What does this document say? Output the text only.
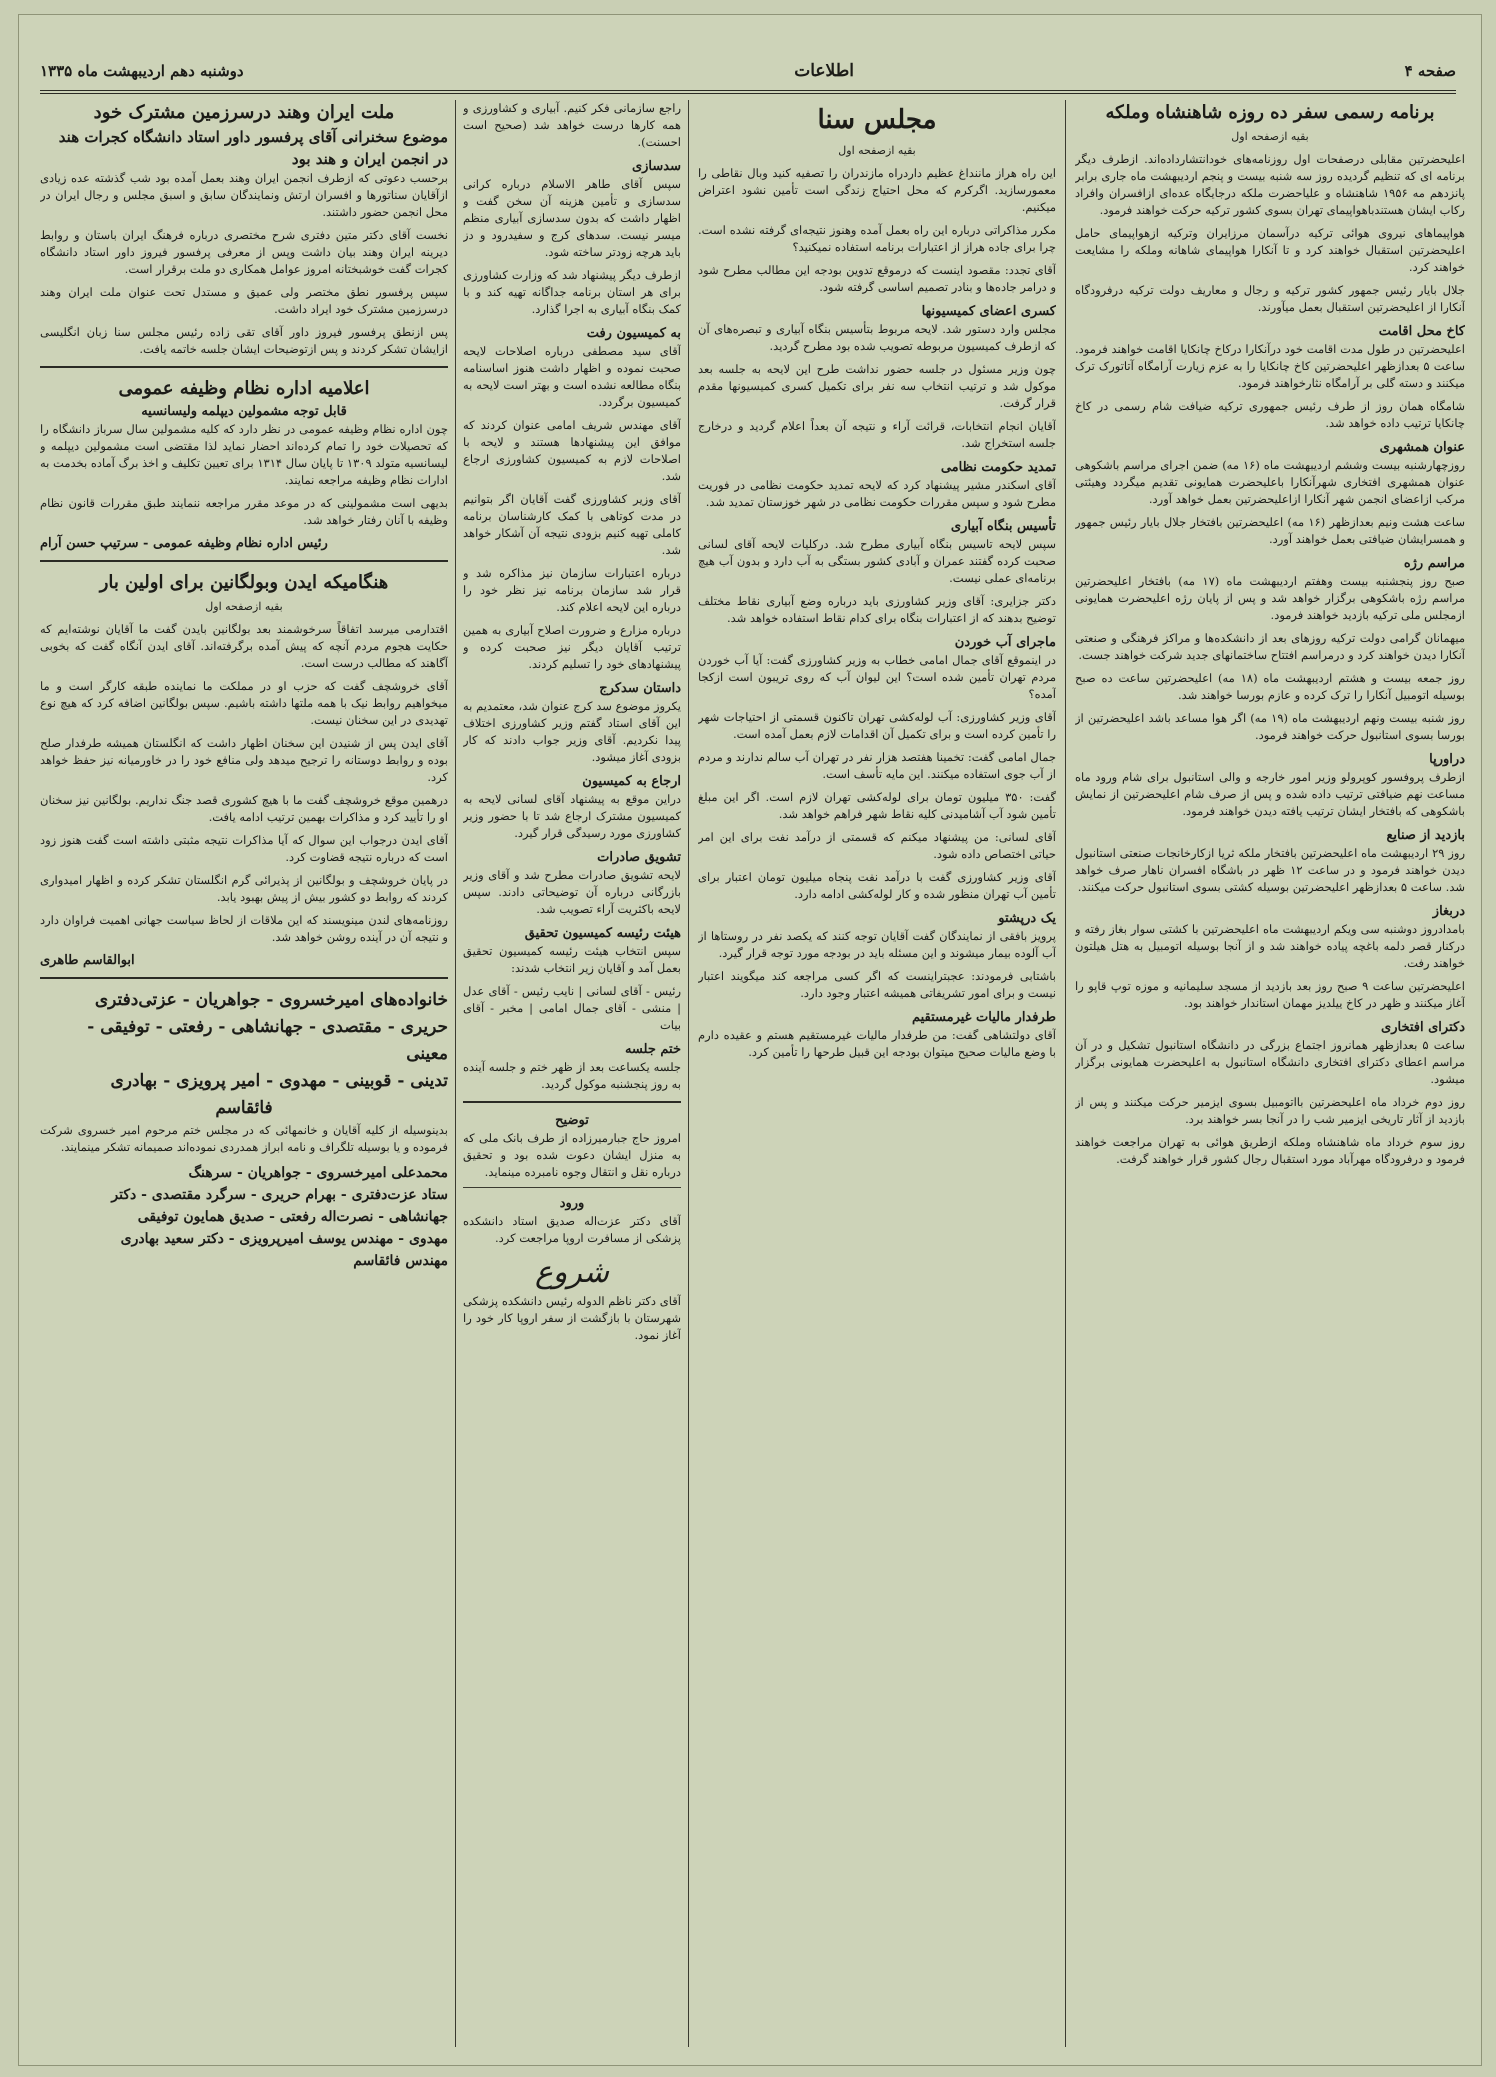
دوشنبه دهم اردیبهشت ماه ۱۳۳۵	اطلاعات	صفحه ۴
برنامه رسمی سفر ده روزه شاهنشاه وملکه
بقیه ازصفحه اول

اعلیحضرتین مقابلی درصفحات اول روزنامه‌های خودانتشارداده‌اند. ازطرف دیگر برنامه ای که تنظیم گردیده روز سه شنبه بیست و پنجم اردیبهشت ماه جاری برابر پانزدهم مه ۱۹۵۶ شاهنشاه و علیاحضرت ملکه درجایگاه عده‌ای ازافسران وافراد رکاب ایشان هستندباهواپیمای تهران بسوی کشور ترکیه حرکت خواهند فرمود.

هواپیماهای نیروی هوائی ترکیه درآسمان مرزایران وترکیه ازهواپیمای حامل اعلیحضرتین استقبال خواهند کرد و تا آنکارا هواپیمای شاهانه وملکه را مشایعت خواهند کرد.

جلال بایار رئیس جمهور کشور ترکیه و رجال و معاریف دولت ترکیه درفرودگاه آنکارا از اعلیحضرتین استقبال بعمل میآورند.

کاخ محل اقامت

اعلیحضرتین در طول مدت اقامت خود درآنکارا درکاخ چانکایا اقامت خواهند فرمود. ساعت ۵ بعدازظهر اعلیحضرتین کاخ چانکایا را به عزم زیارت آرامگاه آتاتورک ترک میکنند و دسته گلی بر آرامگاه نثارخواهند فرمود.

شامگاه همان روز از طرف رئیس جمهوری ترکیه ضیافت شام رسمی در کاخ چانکایا ترتیب داده خواهد شد.

عنوان همشهری

روزچهارشنبه بیست وششم اردیبهشت ماه (۱۶ مه) ضمن اجرای مراسم باشکوهی عنوان همشهری افتخاری شهرآنکارا باعلیحضرت همایونی تقدیم میگردد وهیئتی مرکب ازاعضای انجمن شهر آنکارا ازاعلیحضرتین بعمل خواهد آورد.

ساعت هشت ونیم بعدازظهر (۱۶ مه) اعلیحضرتین بافتخار جلال بایار رئیس جمهور و همسرایشان ضیافتی بعمل خواهند آورد.

مراسم رژه

صبح روز پنجشنبه بیست وهفتم اردیبهشت ماه (۱۷ مه) بافتخار اعلیحضرتین مراسم رژه باشکوهی برگزار خواهد شد و پس از پایان رژه اعلیحضرت همایونی ازمجلس ملی ترکیه بازدید خواهند فرمود.

میهمانان گرامی دولت ترکیه روزهای بعد از دانشکده‌ها و مراکز فرهنگی و صنعتی آنکارا دیدن خواهند کرد و درمراسم افتتاح ساختمانهای جدید شرکت خواهند جست.

روز جمعه بیست و هشتم اردیبهشت ماه (۱۸ مه) اعلیحضرتین ساعت ده صبح بوسیله اتومبیل آنکارا را ترک کرده و عازم بورسا خواهند شد.

روز شنبه بیست ونهم اردیبهشت ماه (۱۹ مه) اگر هوا مساعد باشد اعلیحضرتین از بورسا بسوی استانبول حرکت خواهند فرمود.

دراورپا

ازطرف پروفسور کوپرولو وزیر امور خارجه و والی استانبول برای شام ورود ماه مساعت نهم ضیافتی ترتیب داده شده و پس از صرف شام اعلیحضرتین از نمایش باشکوهی که بافتخار ایشان ترتیب یافته دیدن خواهند فرمود.

بازدید از صنایع

روز ۲۹ اردیبهشت ماه اعلیحضرتین بافتخار ملکه ثریا ازکارخانجات صنعتی استانبول دیدن خواهند فرمود و در ساعت ۱۲ ظهر در باشگاه افسران ناهار صرف خواهد شد. ساعت ۵ بعدازظهر اعلیحضرتین بوسیله کشتی بسوی استانبول حرکت میکنند.

دربغاز

بامدادروز دوشنبه سی ویکم اردیبهشت ماه اعلیحضرتین با کشتی سوار بغاز رفته و درکنار قصر دلمه باغچه پیاده خواهند شد و از آنجا بوسیله اتومبیل به هتل هیلتون خواهند رفت.

اعلیحضرتین ساعت ۹ صبح روز بعد بازدید از مسجد سلیمانیه و موزه توپ قاپو را آغاز میکنند و ظهر در کاخ ییلدیز مهمان استاندار خواهند بود.

دکترای افتخاری

ساعت ۵ بعدازظهر همانروز اجتماع بزرگی در دانشگاه استانبول تشکیل و در آن مراسم اعطای دکترای افتخاری دانشگاه استانبول به اعلیحضرت همایونی برگزار میشود.

روز دوم خرداد ماه اعلیحضرتین بااتومبیل بسوی ایزمیر حرکت میکنند و پس از بازدید از آثار تاریخی ایزمیر شب را در آنجا بسر خواهند برد.

روز سوم خرداد ماه شاهنشاه وملکه ازطریق هوائی به تهران مراجعت خواهند فرمود و درفرودگاه مهرآباد مورد استقبال رجال کشور قرار خواهند گرفت.

مجلس سنا
بقیه ازصفحه اول

این راه هراز ماننداغ عظیم داردراه مازندران را تصفیه کنید وبال نقاطی را معمورسازید. اگرکرم که محل احتیاج زندگی است تأمین نشود اعتراض میکنیم.

مکرر مذاکراتی درباره این راه بعمل آمده وهنوز نتیجه‌ای گرفته نشده است. چرا برای جاده هراز از اعتبارات برنامه استفاده نمیکنید؟

آقای تجدد: مقصود اینست که درموقع تدوین بودجه این مطالب مطرح شود و درامر جاده‌ها و بنادر تصمیم اساسی گرفته شود.

کسری اعضای کمیسیونها

مجلس وارد دستور شد. لایحه مربوط بتأسیس بنگاه آبیاری و تبصره‌های آن که ازطرف کمیسیون مربوطه تصویب شده بود مطرح گردید.

چون وزیر مسئول در جلسه حضور نداشت طرح این لایحه به جلسه بعد موکول شد و ترتیب انتخاب سه نفر برای تکمیل کسری کمیسیونها مقدم قرار گرفت.

آقایان انجام انتخابات، قرائت آراء و نتیجه آن بعداً اعلام گردید و درخارج جلسه استخراج شد.

تمدید حکومت نظامی

آقای اسکندر مشیر پیشنهاد کرد که لایحه تمدید حکومت نظامی در فوریت مطرح شود و سپس مقررات حکومت نظامی در شهر خوزستان تمدید شد.

تأسیس بنگاه آبیاری

سپس لایحه تاسیس بنگاه آبیاری مطرح شد. درکلیات لایحه آقای لسانی صحبت کرده گفتند عمران و آبادی کشور بستگی به آب دارد و بدون آب هیچ برنامه‌ای عملی نیست.

دکتر جزایری: آقای وزیر کشاورزی باید درباره وضع آبیاری نقاط مختلف توضیح بدهند که از اعتبارات بنگاه برای کدام نقاط استفاده خواهد شد.

ماجرای آب خوردن

در اینموقع آقای جمال امامی خطاب به وزیر کشاورزی گفت: آیا آب خوردن مردم تهران تأمین شده است؟ این لیوان آب که روی تریبون است ازکجا آمده؟

آقای وزیر کشاورزی: آب لوله‌کشی تهران تاکنون قسمتی از احتیاجات شهر را تأمین کرده است و برای تکمیل آن اقدامات لازم بعمل آمده است.

جمال امامی گفت: تخمینا هفتصد هزار نفر در تهران آب سالم ندارند و مردم از آب جوی استفاده میکنند. این مایه تأسف است.

گفت: ۳۵۰ میلیون تومان برای لوله‌کشی تهران لازم است. اگر این مبلغ تأمین شود آب آشامیدنی کلیه نقاط شهر فراهم خواهد شد.

آقای لسانی: من پیشنهاد میکنم که قسمتی از درآمد نفت برای این امر حیاتی اختصاص داده شود.

آقای وزیر کشاورزی گفت با درآمد نفت پنجاه میلیون تومان اعتبار برای تأمین آب تهران منظور شده و کار لوله‌کشی ادامه دارد.

یک درپشتو

پرویز بافقی از نمایندگان گفت آقایان توجه کنند که یکصد نفر در روستاها از آب آلوده بیمار میشوند و این مسئله باید در بودجه مورد توجه قرار گیرد.

باشتابی فرمودند: عجبتراینست که اگر کسی مراجعه کند میگویند اعتبار نیست و برای امور تشریفاتی همیشه اعتبار وجود دارد.

طرفدار مالیات غیرمستقیم

آقای دولتشاهی گفت: من طرفدار مالیات غیرمستقیم هستم و عقیده دارم با وضع مالیات صحیح میتوان بودجه این قبیل طرحها را تأمین کرد.

راجع سازمانی فکر کنیم. آبیاری و کشاورزی و همه کارها درست خواهد شد (صحیح است احسنت).

سدسازی

سپس آقای طاهر الاسلام درباره کرانی سدسازی و تأمین هزینه آن سخن گفت و اظهار داشت که بدون سدسازی آبیاری منظم میسر نیست. سدهای کرج و سفیدرود و دز باید هرچه زودتر ساخته شود.

ازطرف دیگر پیشنهاد شد که وزارت کشاورزی برای هر استان برنامه جداگانه تهیه کند و با کمک بنگاه آبیاری به اجرا گذارد.

به کمیسیون رفت

آقای سید مصطفی درباره اصلاحات لایحه صحبت نموده و اظهار داشت هنوز اساسنامه بنگاه مطالعه نشده است و بهتر است لایحه به کمیسیون برگردد.

آقای مهندس شریف امامی عنوان کردند که موافق این پیشنهادها هستند و لایحه با اصلاحات لازم به کمیسیون کشاورزی ارجاع شد.

آقای وزیر کشاورزی گفت آقایان اگر بتوانیم در مدت کوتاهی با کمک کارشناسان برنامه کاملی تهیه کنیم بزودی نتیجه آن آشکار خواهد شد.

درباره اعتبارات سازمان نیز مذاکره شد و قرار شد سازمان برنامه نیز نظر خود را درباره این لایحه اعلام کند.

درباره مزارع و ضرورت اصلاح آبیاری به همین ترتیب آقایان دیگر نیز صحبت کرده و پیشنهادهای خود را تسلیم کردند.

داستان سدکرج

یکروز موضوع سد کرج عنوان شد، معتمدیم به این آقای استاد گفتم وزیر کشاورزی اختلاف پیدا نکردیم. آقای وزیر جواب دادند که کار بزودی آغاز میشود.

ارجاع به کمیسیون

دراین موقع به پیشنهاد آقای لسانی لایحه به کمیسیون مشترک ارجاع شد تا با حضور وزیر کشاورزی مورد رسیدگی قرار گیرد.

تشویق صادرات

لایحه تشویق صادرات مطرح شد و آقای وزیر بازرگانی درباره آن توضیحاتی دادند. سپس لایحه باکثریت آراء تصویب شد.

هیئت رئیسه کمیسیون تحقیق

سپس انتخاب هیئت رئیسه کمیسیون تحقیق بعمل آمد و آقایان زیر انتخاب شدند:

رئیس - آقای لسانی | نایب رئیس - آقای عدل | منشی - آقای جمال امامی | مخبر - آقای بیات

ختم جلسه

جلسه یکساعت بعد از ظهر ختم و جلسه آینده به روز پنجشنبه موکول گردید.

توضیح

امروز حاج جبارمیرزاده از طرف بانک ملی که به منزل ایشان دعوت شده بود و تحقیق درباره نقل و انتقال وجوه نامبرده مینماید.

ورود

آقای دکتر عزت‌اله صدیق استاد دانشکده پزشکی از مسافرت اروپا مراجعت کرد.

شروع

آقای دکتر ناظم الدوله رئیس دانشکده پزشکی شهرستان با بازگشت از سفر اروپا کار خود را آغاز نمود.

ملت ایران وهند درسرزمین مشترک خود
موضوع سخنرانی آقای پرفسور داور استاد دانشگاه کجرات هند در انجمن ایران و هند بود

برحسب دعوتی که ازطرف انجمن ایران وهند بعمل آمده بود شب گذشته عده زیادی ازآقایان سناتورها و افسران ارتش ونمایندگان سابق و اسبق مجلس و رجال ایران در محل انجمن حضور داشتند.

نخست آقای دکتر متین دفتری شرح مختصری درباره فرهنگ ایران باستان و روابط دیرینه ایران وهند بیان داشت وپس از معرفی پرفسور فیروز داور استاد دانشگاه کجرات گفت خوشبختانه امروز عوامل همکاری دو ملت برقرار است.

سپس پرفسور نطق مختصر ولی عمیق و مستدل تحت عنوان ملت ایران وهند درسرزمین مشترک خود ایراد داشت.

پس ازنطق پرفسور فیروز داور آقای تقی زاده رئیس مجلس سنا زبان انگلیسی ازایشان تشکر کردند و پس ازتوضیحات ایشان جلسه خاتمه یافت.

اعلامیه اداره نظام وظیفه عمومی
قابل توجه مشمولین دیپلمه ولیسانسیه

چون اداره نظام وظیفه عمومی در نظر دارد که کلیه مشمولین سال سرباز دانشگاه را که تحصیلات خود را تمام کرده‌اند احضار نماید لذا مقتضی است مشمولین دیپلمه و لیسانسیه متولد ۱۳۰۹ تا پایان سال ۱۳۱۴ برای تعیین تکلیف و اخذ برگ آماده بخدمت به ادارات نظام وظیفه مراجعه نمایند.

بدیهی است مشمولینی که در موعد مقرر مراجعه ننمایند طبق مقررات قانون نظام وظیفه با آنان رفتار خواهد شد.

رئیس اداره نظام وظیفه عمومی - سرتیپ حسن آرام
هنگامیکه ایدن وبولگانین برای اولین بار
بقیه ازصفحه اول

اقتدارمی میرسد اتفاقاً سرخوشمند بعد بولگانین بایدن گفت ما آقایان نوشته‌ایم که حکایت هجوم مردم آنچه که پیش آمده برگرفته‌اند. آقای ایدن آنگاه گفت که بخوبی آگاهند که مطالب درست است.

آقای خروشچف گفت که حزب او در مملکت ما نماینده طبقه کارگر است و ما میخواهیم روابط نیک با همه ملتها داشته باشیم. سپس بولگانین اضافه کرد که هیچ نوع تهدیدی در این سخنان نیست.

آقای ایدن پس از شنیدن این سخنان اظهار داشت که انگلستان همیشه طرفدار صلح بوده و روابط دوستانه را ترجیح میدهد ولی منافع خود را در خاورمیانه نیز حفظ خواهد کرد.

درهمین موقع خروشچف گفت ما با هیچ کشوری قصد جنگ نداریم. بولگانین نیز سخنان او را تأیید کرد و مذاکرات بهمین ترتیب ادامه یافت.

آقای ایدن درجواب این سوال که آیا مذاکرات نتیجه مثبتی داشته است گفت هنوز زود است که درباره نتیجه قضاوت کرد.

در پایان خروشچف و بولگانین از پذیرائی گرم انگلستان تشکر کرده و اظهار امیدواری کردند که روابط دو کشور بیش از پیش بهبود یابد.

روزنامه‌های لندن مینویسند که این ملاقات از لحاظ سیاست جهانی اهمیت فراوان دارد و نتیجه آن در آینده روشن خواهد شد.

ابوالقاسم طاهری
خانواده‌های امیرخسروی - جواهریان - عزتی‌دفتری
حریری - مقتصدی - جهانشاهی - رفعتی - توفیقی - معینی
تدینی - قوبینی - مهدوی - امیر پرویزی - بهادری
فائقاسم

بدینوسیله از کلیه آقایان و خانمهائی که در مجلس ختم مرحوم امیر خسروی شرکت فرموده و یا بوسیله تلگراف و نامه ابراز همدردی نموده‌اند صمیمانه تشکر مینمایند.

محمدعلی امیرخسروی - جواهریان - سرهنگ
ستاد عزت‌دفتری - بهرام حریری - سرگرد مقتصدی - دکتر
جهانشاهی - نصرت‌اله رفعتی - صدیق همایون توفیقی
مهدوی - مهندس یوسف امیرپرویزی - دکتر سعید بهادری
مهندس فائقاسم
